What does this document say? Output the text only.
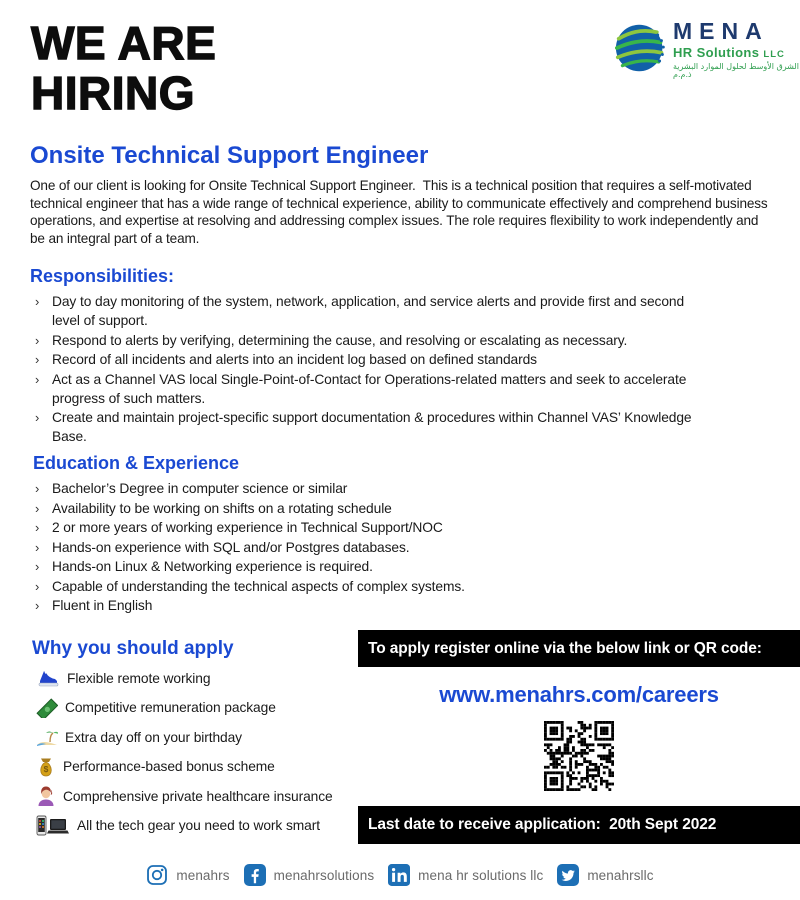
WE ARE
HIRING
MENA
HR Solutions LLC
الشرق الأوسط لحلول الموارد البشرية ذ.م.م
Onsite Technical Support Engineer

One of our client is looking for Onsite Technical Support Engineer.  This is a technical position that requires a self-motivated technical engineer that has a wide range of technical experience, ability to communicate effectively and comprehend business operations, and expertise at resolving and addressing complex issues. The role requires flexibility to work independently and be an integral part of a team.

Responsibilities:
› Day to day monitoring of the system, network, application, and service alerts and provide first and second level of support.
› Respond to alerts by verifying, determining the cause, and resolving or escalating as necessary.
› Record of all incidents and alerts into an incident log based on defined standards
› Act as a Channel VAS local Single-Point-of-Contact for Operations-related matters and seek to accelerate progress of such matters.
› Create and maintain project-specific support documentation & procedures within Channel VAS’ Knowledge Base.
Education & Experience
› Bachelor’s Degree in computer science or similar
› Availability to be working on shifts on a rotating schedule
› 2 or more years of working experience in Technical Support/NOC
› Hands-on experience with SQL and/or Postgres databases.
› Hands-on Linux & Networking experience is required.
› Capable of understanding the technical aspects of complex systems.
› Fluent in English
Why you should apply
Flexible remote working
Competitive remuneration package
Extra day off on your birthday
$ Performance-based bonus scheme
Comprehensive private healthcare insurance
All the tech gear you need to work smart
To apply register online via the below link or QR code:
www.menahrs.com/careers
Last date to receive application:  20th Sept 2022
menahrs	menahrsolutions	mena hr solutions llc	menahrsllc
